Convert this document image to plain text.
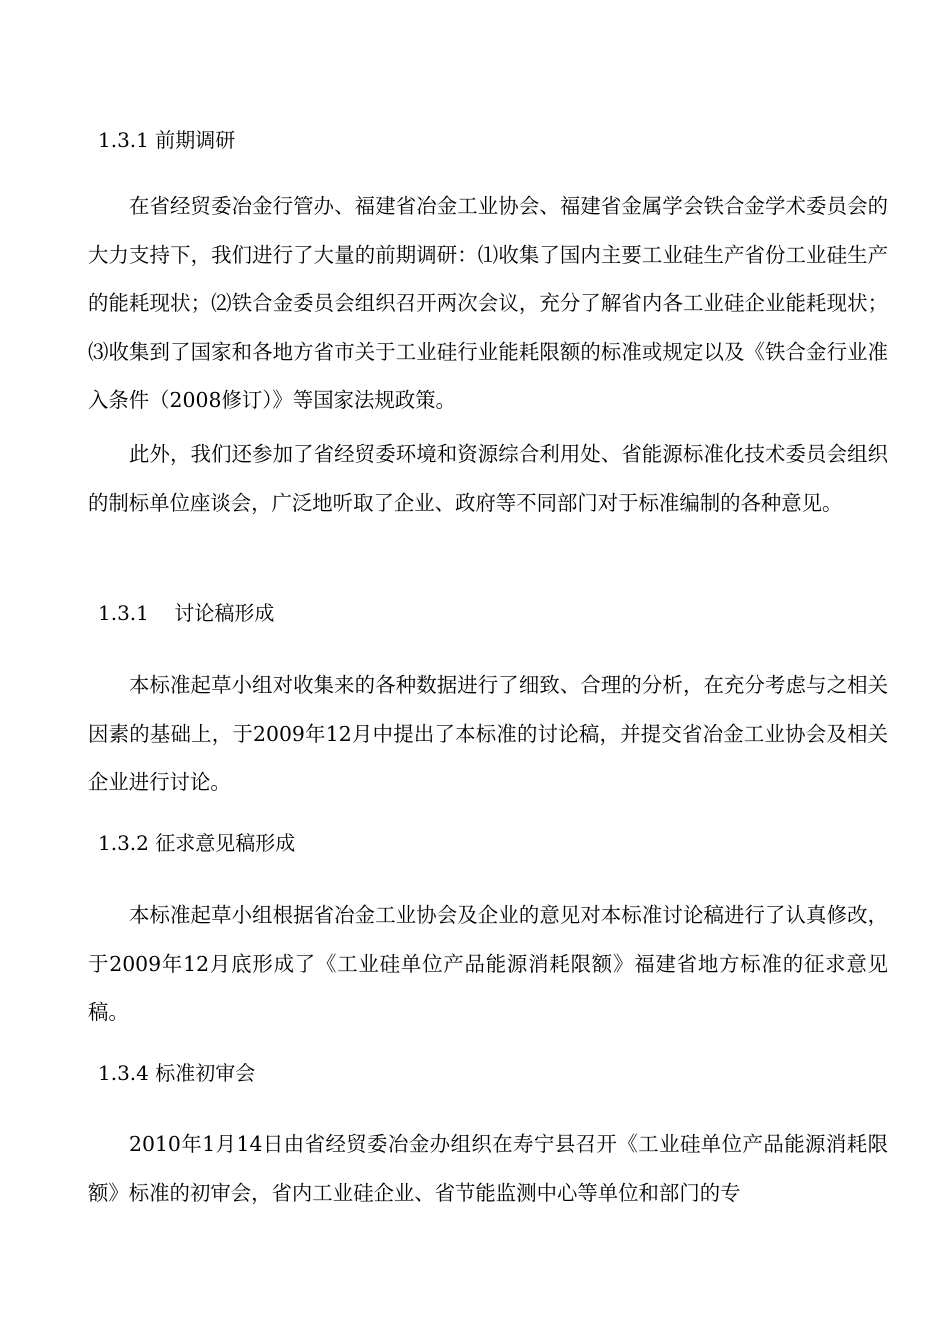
1.3.1 前期调研

在省经贸委冶金行管办、福建省冶金工业协会、福建省金属学会铁合金学术委员会的大力支持下，我们进行了大量的前期调研：⑴收集了国内主要工业硅生产省份工业硅生产的能耗现状；⑵铁合金委员会组织召开两次会议，充分了解省内各工业硅企业能耗现状；⑶收集到了国家和各地方省市关于工业硅行业能耗限额的标准或规定以及《铁合金行业准入条件（2008修订）》等国家法规政策。

此外，我们还参加了省经贸委环境和资源综合利用处、省能源标准化技术委员会组织的制标单位座谈会，广泛地听取了企业、政府等不同部门对于标准编制的各种意见。

1.3.1    讨论稿形成

本标准起草小组对收集来的各种数据进行了细致、合理的分析，在充分考虑与之相关因素的基础上，于2009年12月中提出了本标准的讨论稿，并提交省冶金工业协会及相关企业进行讨论。

1.3.2 征求意见稿形成

本标准起草小组根据省冶金工业协会及企业的意见对本标准讨论稿进行了认真修改，于2009年12月底形成了《工业硅单位产品能源消耗限额》福建省地方标准的征求意见稿。

1.3.4 标准初审会

2010年1月14日由省经贸委冶金办组织在寿宁县召开《工业硅单位产品能源消耗限额》标准的初审会，省内工业硅企业、省节能监测中心等单位和部门的专
